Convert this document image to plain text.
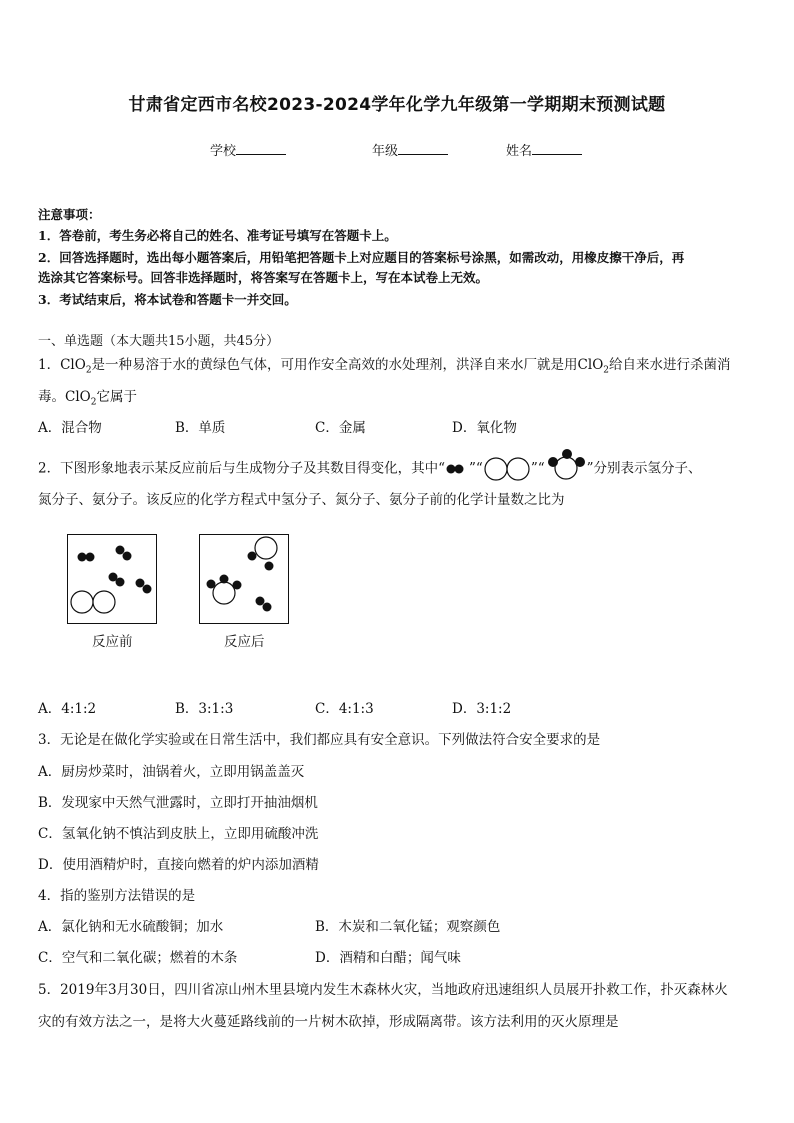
甘肃省定西市名校2023-2024学年化学九年级第一学期期末预测试题
学校	年级	姓名
注意事项：
1．答卷前，考生务必将自己的姓名、准考证号填写在答题卡上。
2．回答选择题时，选出每小题答案后，用铅笔把答题卡上对应题目的答案标号涂黑，如需改动，用橡皮擦干净后，再
选涂其它答案标号。回答非选择题时，将答案写在答题卡上，写在本试卷上无效。
3．考试结束后，将本试卷和答题卡一并交回。
一、单选题（本大题共15小题，共45分）
1．ClO$_2$是一种易溶于水的黄绿色气体，可用作安全高效的水处理剂，洪泽自来水厂就是用ClO$_2$给自来水进行杀菌消
毒。ClO$_2$它属于
A．混合物	B．单质	C．金属	D．氧化物
2．下图形象地表示某反应前后与生成物分子及其数目得变化，其中“ ”“	”“	”分别表示氢分子、
氮分子、氨分子。该反应的化学方程式中氢分子、氮分子、氨分子前的化学计量数之比为
反应前	反应后
A．4:1:2	B．3:1:3	C．4:1:3	D．3:1:2
3．无论是在做化学实验或在日常生活中，我们都应具有安全意识。下列做法符合安全要求的是
A．厨房炒菜时，油锅着火，立即用锅盖盖灭
B．发现家中天然气泄露时，立即打开抽油烟机
C．氢氧化钠不慎沾到皮肤上，立即用硫酸冲洗
D．使用酒精炉时，直接向燃着的炉内添加酒精
4．指的鉴别方法错误的是
A．氯化钠和无水硫酸铜；加水	B．木炭和二氧化锰；观察颜色
C．空气和二氧化碳；燃着的木条	D．酒精和白醋；闻气味
5．2019年3月30日，四川省凉山州木里县境内发生木森林火灾，当地政府迅速组织人员展开扑救工作，扑灭森林火
灾的有效方法之一，是将大火蔓延路线前的一片树木砍掉，形成隔离带。该方法利用的灭火原理是
